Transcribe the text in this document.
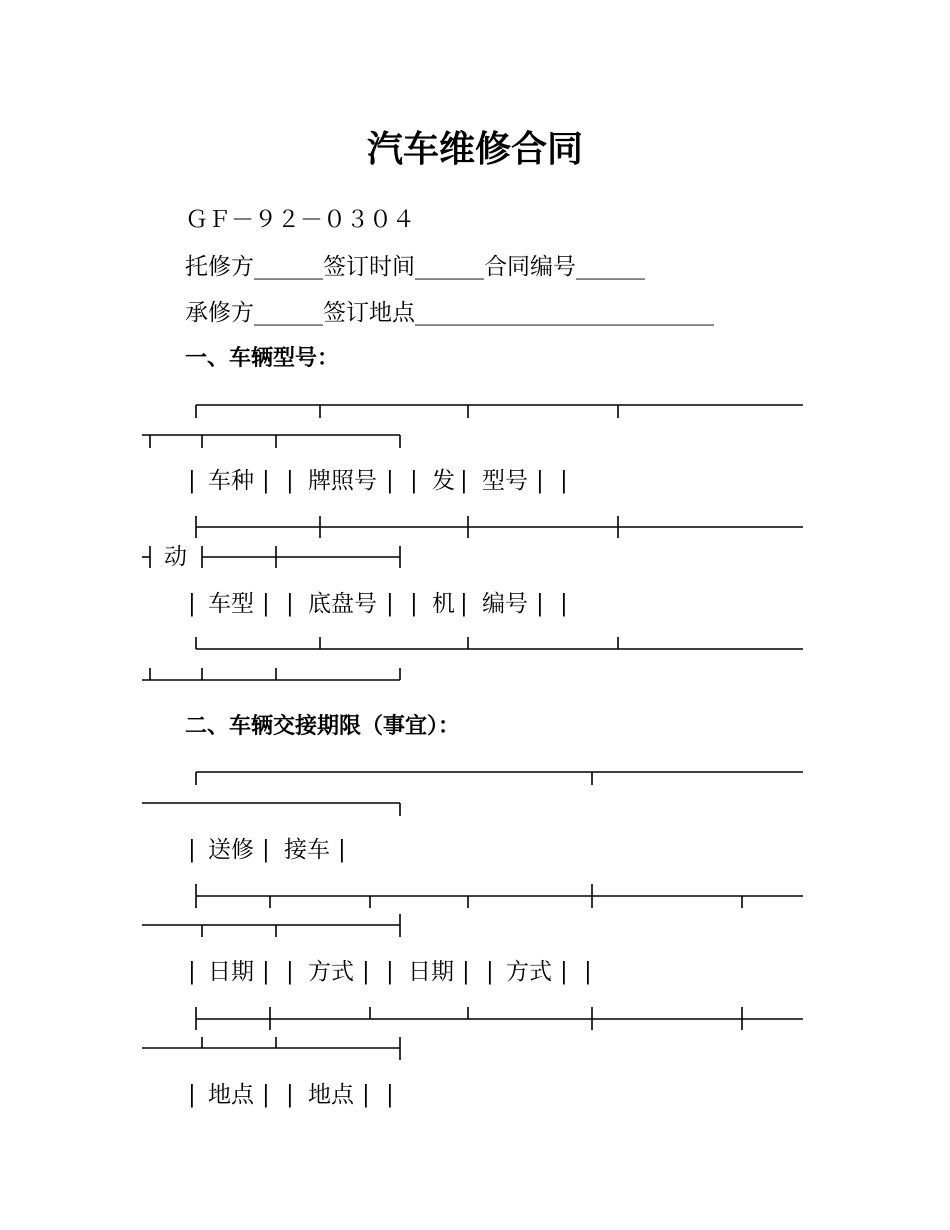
汽车维修合同
ＧＦ－９２－０３０４
托修方______签订时间______合同编号______
承修方______签订地点__________________________
一、车辆型号：
| 车种 | | 牌照号 | | 发 | 型号 | |
动
| 车型 | | 底盘号 | | 机 | 编号 | |
二、车辆交接期限（事宜）：
| 送修 | 接车 |
| 日期 | | 方式 | | 日期 | | 方式 | |
| 地点 | | 地点 | |
